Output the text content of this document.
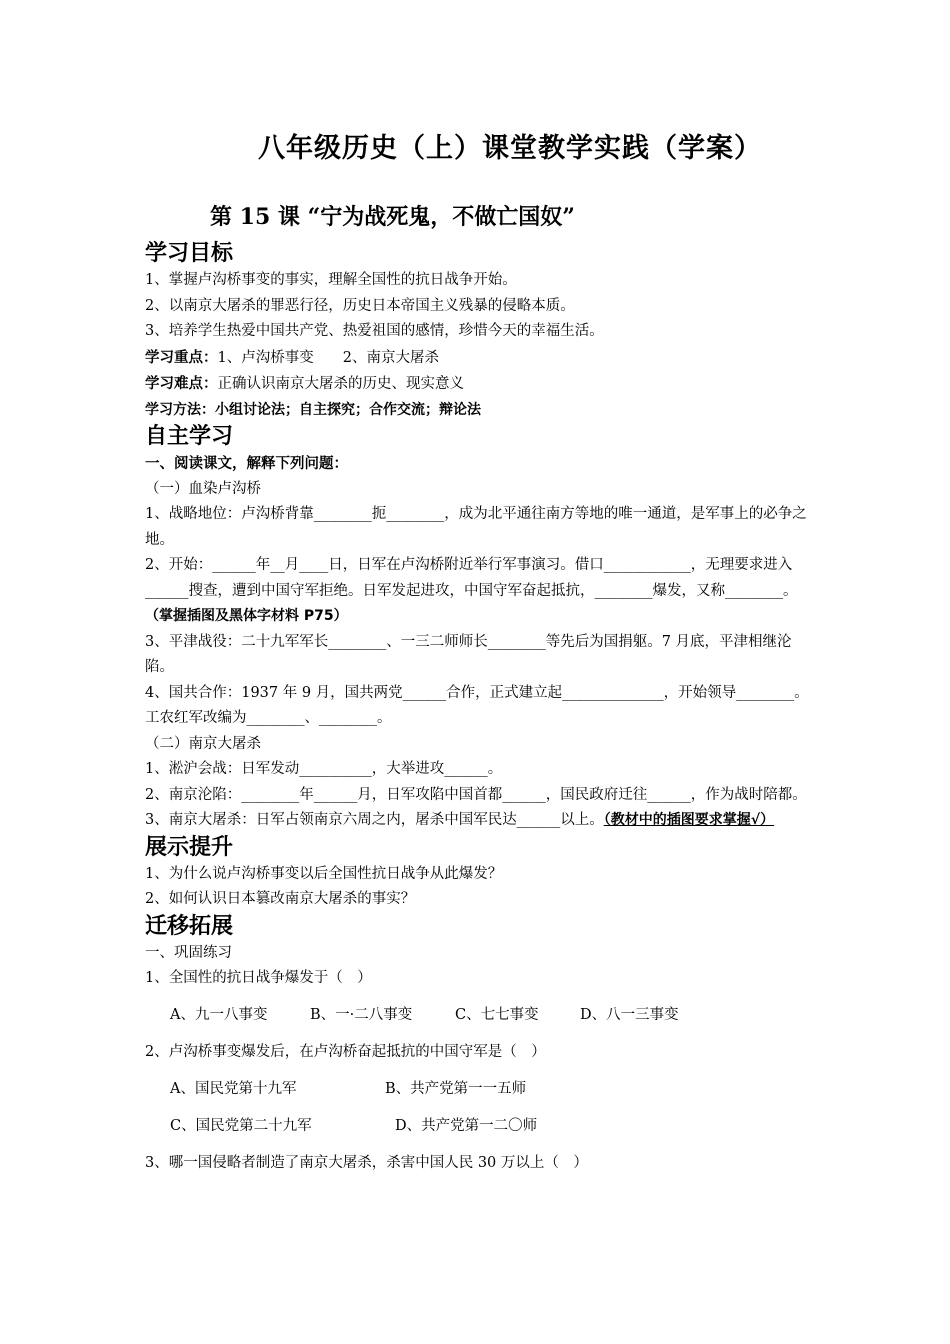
八年级历史（上）课堂教学实践（学案）
第 15 课 “宁为战死鬼，不做亡国奴”
学习目标
1、掌握卢沟桥事变的事实，理解全国性的抗日战争开始。
2、以南京大屠杀的罪恶行径，历史日本帝国主义残暴的侵略本质。
3、培养学生热爱中国共产党、热爱祖国的感情，珍惜今天的幸福生活。
学习重点：1、卢沟桥事变　　2、南京大屠杀
学习难点：正确认识南京大屠杀的历史、现实意义
学习方法：小组讨论法；自主探究；合作交流；辩论法
自主学习
一、阅读课文，解释下列问题：
（一）血染卢沟桥
1、战略地位：卢沟桥背靠________扼________，成为北平通往南方等地的唯一通道，是军事上的必争之地。
2、开始：______年__月____日，日军在卢沟桥附近举行军事演习。借口____________，无理要求进入______搜查，遭到中国守军拒绝。日军发起进攻，中国守军奋起抵抗，________爆发，又称________。（掌握插图及黑体字材料 P75）
3、平津战役：二十九军军长________、一三二师师长________等先后为国捐躯。7 月底，平津相继沦陷。
4、国共合作：1937 年 9 月，国共两党______合作，正式建立起______________，开始领导________。工农红军改编为________、________。
（二）南京大屠杀
1、淞沪会战：日军发动__________，大举进攻______。
2、南京沦陷：________年______月，日军攻陷中国首都______，国民政府迁往______，作为战时陪都。
3、南京大屠杀：日军占领南京六周之内，屠杀中国军民达______以上。（教材中的插图要求掌握√）
展示提升
1、为什么说卢沟桥事变以后全国性抗日战争从此爆发？
2、如何认识日本篡改南京大屠杀的事实？
迁移拓展
一、巩固练习
1、全国性的抗日战争爆发于（　）
A、九一八事变	B、一·二八事变	C、七七事变	D、八一三事变
2、卢沟桥事变爆发后，在卢沟桥奋起抵抗的中国守军是（　）
A、国民党第十九军	B、共产党第一一五师
C、国民党第二十九军	D、共产党第一二〇师
3、哪一国侵略者制造了南京大屠杀，杀害中国人民 30 万以上（　）
